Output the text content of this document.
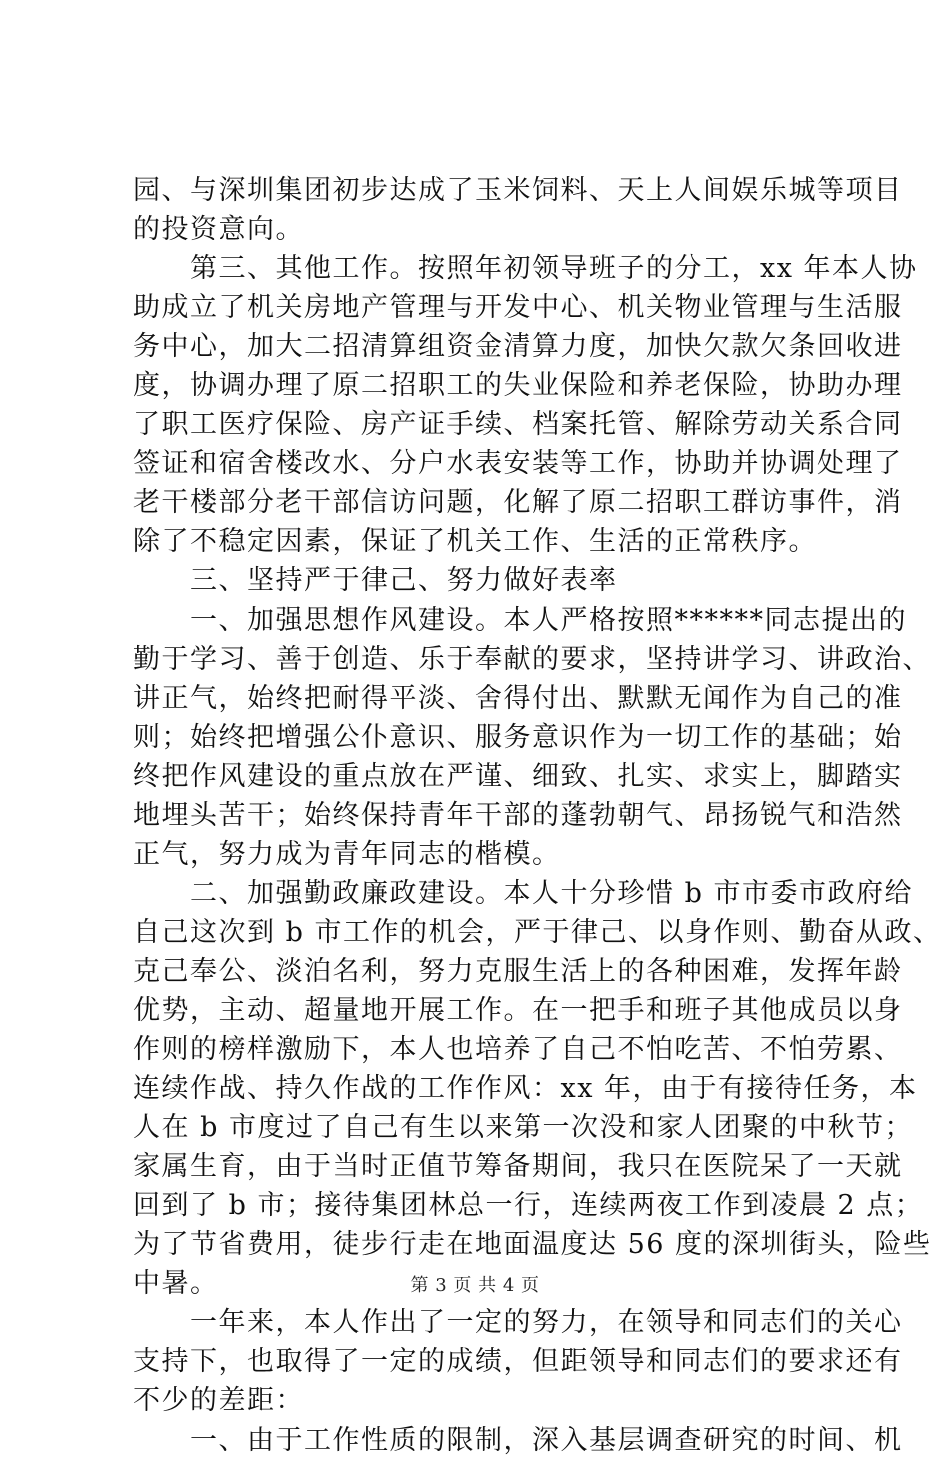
园、与深圳集团初步达成了玉米饲料、天上人间娱乐城等项目
的投资意向。
　　第三、其他工作。按照年初领导班子的分工，xx 年本人协
助成立了机关房地产管理与开发中心、机关物业管理与生活服
务中心，加大二招清算组资金清算力度，加快欠款欠条回收进
度，协调办理了原二招职工的失业保险和养老保险，协助办理
了职工医疗保险、房产证手续、档案托管、解除劳动关系合同
签证和宿舍楼改水、分户水表安装等工作，协助并协调处理了
老干楼部分老干部信访问题，化解了原二招职工群访事件，消
除了不稳定因素，保证了机关工作、生活的正常秩序。
　　三、坚持严于律己、努力做好表率
　　一、加强思想作风建设。本人严格按照******同志提出的
勤于学习、善于创造、乐于奉献的要求，坚持讲学习、讲政治、
讲正气，始终把耐得平淡、舍得付出、默默无闻作为自己的准
则；始终把增强公仆意识、服务意识作为一切工作的基础；始
终把作风建设的重点放在严谨、细致、扎实、求实上，脚踏实
地埋头苦干；始终保持青年干部的蓬勃朝气、昂扬锐气和浩然
正气，努力成为青年同志的楷模。
　　二、加强勤政廉政建设。本人十分珍惜 b 市市委市政府给
自己这次到 b 市工作的机会，严于律己、以身作则、勤奋从政、
克己奉公、淡泊名利，努力克服生活上的各种困难，发挥年龄
优势，主动、超量地开展工作。在一把手和班子其他成员以身
作则的榜样激励下，本人也培养了自己不怕吃苦、不怕劳累、
连续作战、持久作战的工作作风：xx 年，由于有接待任务，本
人在 b 市度过了自己有生以来第一次没和家人团聚的中秋节；
家属生育，由于当时正值节筹备期间，我只在医院呆了一天就
回到了 b 市；接待集团林总一行，连续两夜工作到凌晨 2 点；
为了节省费用，徒步行走在地面温度达 56 度的深圳街头，险些
中暑。
　　一年来，本人作出了一定的努力，在领导和同志们的关心
支持下，也取得了一定的成绩，但距领导和同志们的要求还有
不少的差距：
　　一、由于工作性质的限制，深入基层调查研究的时间、机
第 3 页 共 4 页
